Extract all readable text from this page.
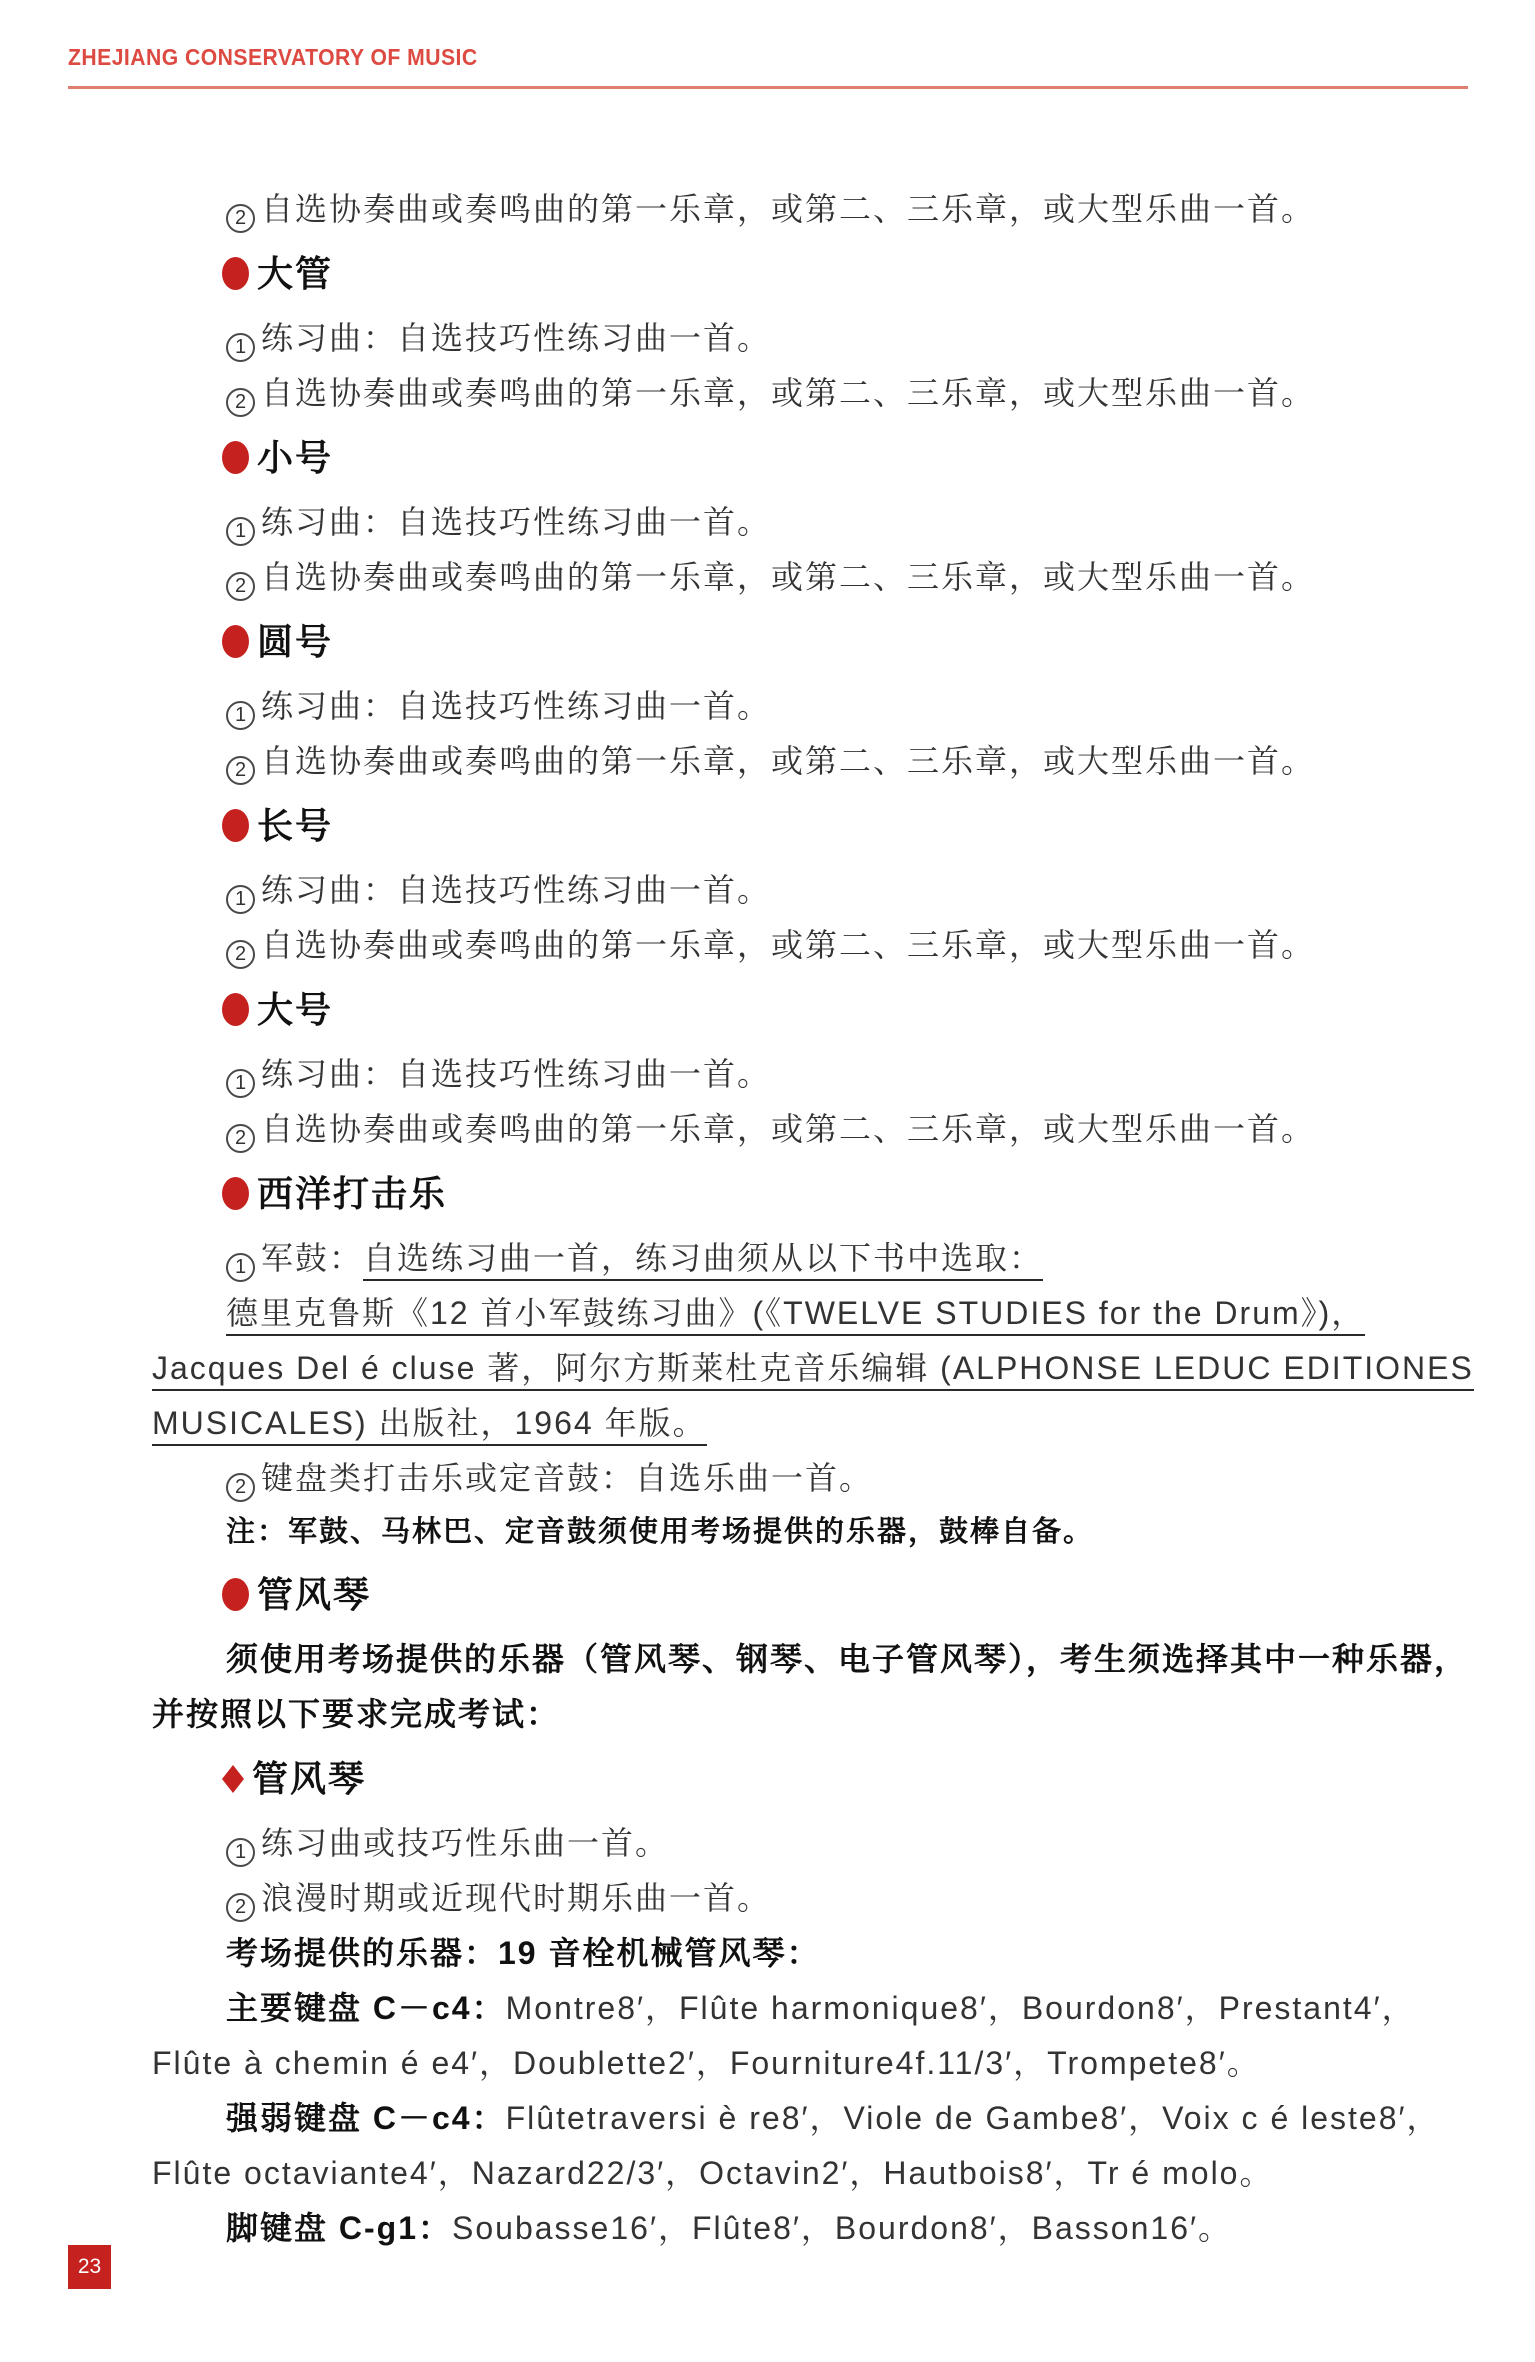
ZHEJIANG CONSERVATORY OF MUSIC
2 自选协奏曲或奏鸣曲的第一乐章，或第二、三乐章，或大型乐曲一首。
大管
1 练习曲：自选技巧性练习曲一首。
2 自选协奏曲或奏鸣曲的第一乐章，或第二、三乐章，或大型乐曲一首。
小号
1 练习曲：自选技巧性练习曲一首。
2 自选协奏曲或奏鸣曲的第一乐章，或第二、三乐章，或大型乐曲一首。
圆号
1 练习曲：自选技巧性练习曲一首。
2 自选协奏曲或奏鸣曲的第一乐章，或第二、三乐章，或大型乐曲一首。
长号
1 练习曲：自选技巧性练习曲一首。
2 自选协奏曲或奏鸣曲的第一乐章，或第二、三乐章，或大型乐曲一首。
大号
1 练习曲：自选技巧性练习曲一首。
2 自选协奏曲或奏鸣曲的第一乐章，或第二、三乐章，或大型乐曲一首。
西洋打击乐
1 军鼓：自选练习曲一首，练习曲须从以下书中选取：
德里克鲁斯《12 首小军鼓练习曲》(《TWELVE STUDIES for the Drum》)，
Jacques Del é cluse 著，阿尔方斯莱杜克音乐编辑 (ALPHONSE LEDUC EDITIONES
MUSICALES) 出版社，1964 年版。
2 键盘类打击乐或定音鼓：自选乐曲一首。
注：军鼓、马林巴、定音鼓须使用考场提供的乐器，鼓棒自备。
管风琴
须使用考场提供的乐器（管风琴、钢琴、电子管风琴），考生须选择其中一种乐器，
并按照以下要求完成考试：
管风琴
1 练习曲或技巧性乐曲一首。
2 浪漫时期或近现代时期乐曲一首。
考场提供的乐器：19 音栓机械管风琴：
主要键盘 C－c4：Montre8′，Flûte harmonique8′，Bourdon8′，Prestant4′，
Flûte à chemin é e4′，Doublette2′，Fourniture4f.11/3′，Trompete8′。
强弱键盘 C－c4：Flûtetraversi è re8′，Viole de Gambe8′，Voix c é leste8′，
Flûte octaviante4′，Nazard22/3′，Octavin2′，Hautbois8′，Tr é molo。
脚键盘 C-g1：Soubasse16′，Flûte8′，Bourdon8′，Basson16′。
23
